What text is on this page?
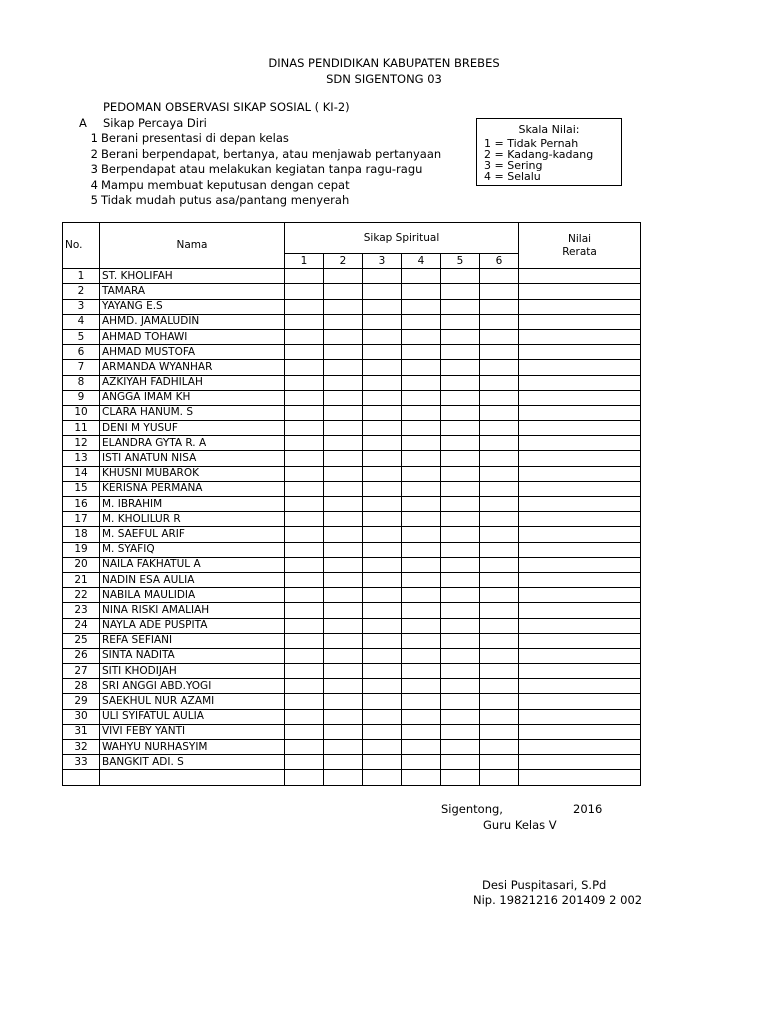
DINAS PENDIDIKAN KABUPATEN BREBES
SDN SIGENTONG 03
PEDOMAN OBSERVASI SIKAP SOSIAL ( KI-2)
A Sikap Percaya Diri
1 Berani presentasi di depan kelas
2 Berani berpendapat, bertanya, atau menjawab pertanyaan
3 Berpendapat atau melakukan kegiatan tanpa ragu-ragu
4 Mampu membuat keputusan dengan cepat
5 Tidak mudah putus asa/pantang menyerah
Skala Nilai:
1 = Tidak Pernah
2 = Kadang-kadang
3 = Sering
4 = Selalu
No.	Nama	Sikap Spiritual						Nilai
Rerata
		1	2	3	4	5	6	
1	ST. KHOLIFAH							
2	TAMARA							
3	YAYANG E.S							
4	AHMD. JAMALUDIN							
5	AHMAD TOHAWI							
6	AHMAD MUSTOFA							
7	ARMANDA WYANHAR							
8	AZKIYAH FADHILAH							
9	ANGGA IMAM KH							
10	CLARA HANUM. S							
11	DENI M YUSUF							
12	ELANDRA GYTA R. A							
13	ISTI ANATUN NISA							
14	KHUSNI MUBAROK							
15	KERISNA PERMANA							
16	M. IBRAHIM							
17	M. KHOLILUR R							
18	M. SAEFUL ARIF							
19	M. SYAFIQ							
20	NAILA FAKHATUL A							
21	NADIN ESA AULIA							
22	NABILA MAULIDIA							
23	NINA RISKI AMALIAH							
24	NAYLA ADE PUSPITA							
25	REFA SEFIANI							
26	SINTA NADITA							
27	SITI KHODIJAH							
28	SRI ANGGI ABD.YOGI							
29	SAEKHUL NUR AZAMI							
30	ULI SYIFATUL AULIA							
31	VIVI FEBY YANTI							
32	WAHYU NURHASYIM							
33	BANGKIT ADI. S							

Sigentong,	2016
Guru Kelas V
Desi Puspitasari, S.Pd
Nip. 19821216 201409 2 002
